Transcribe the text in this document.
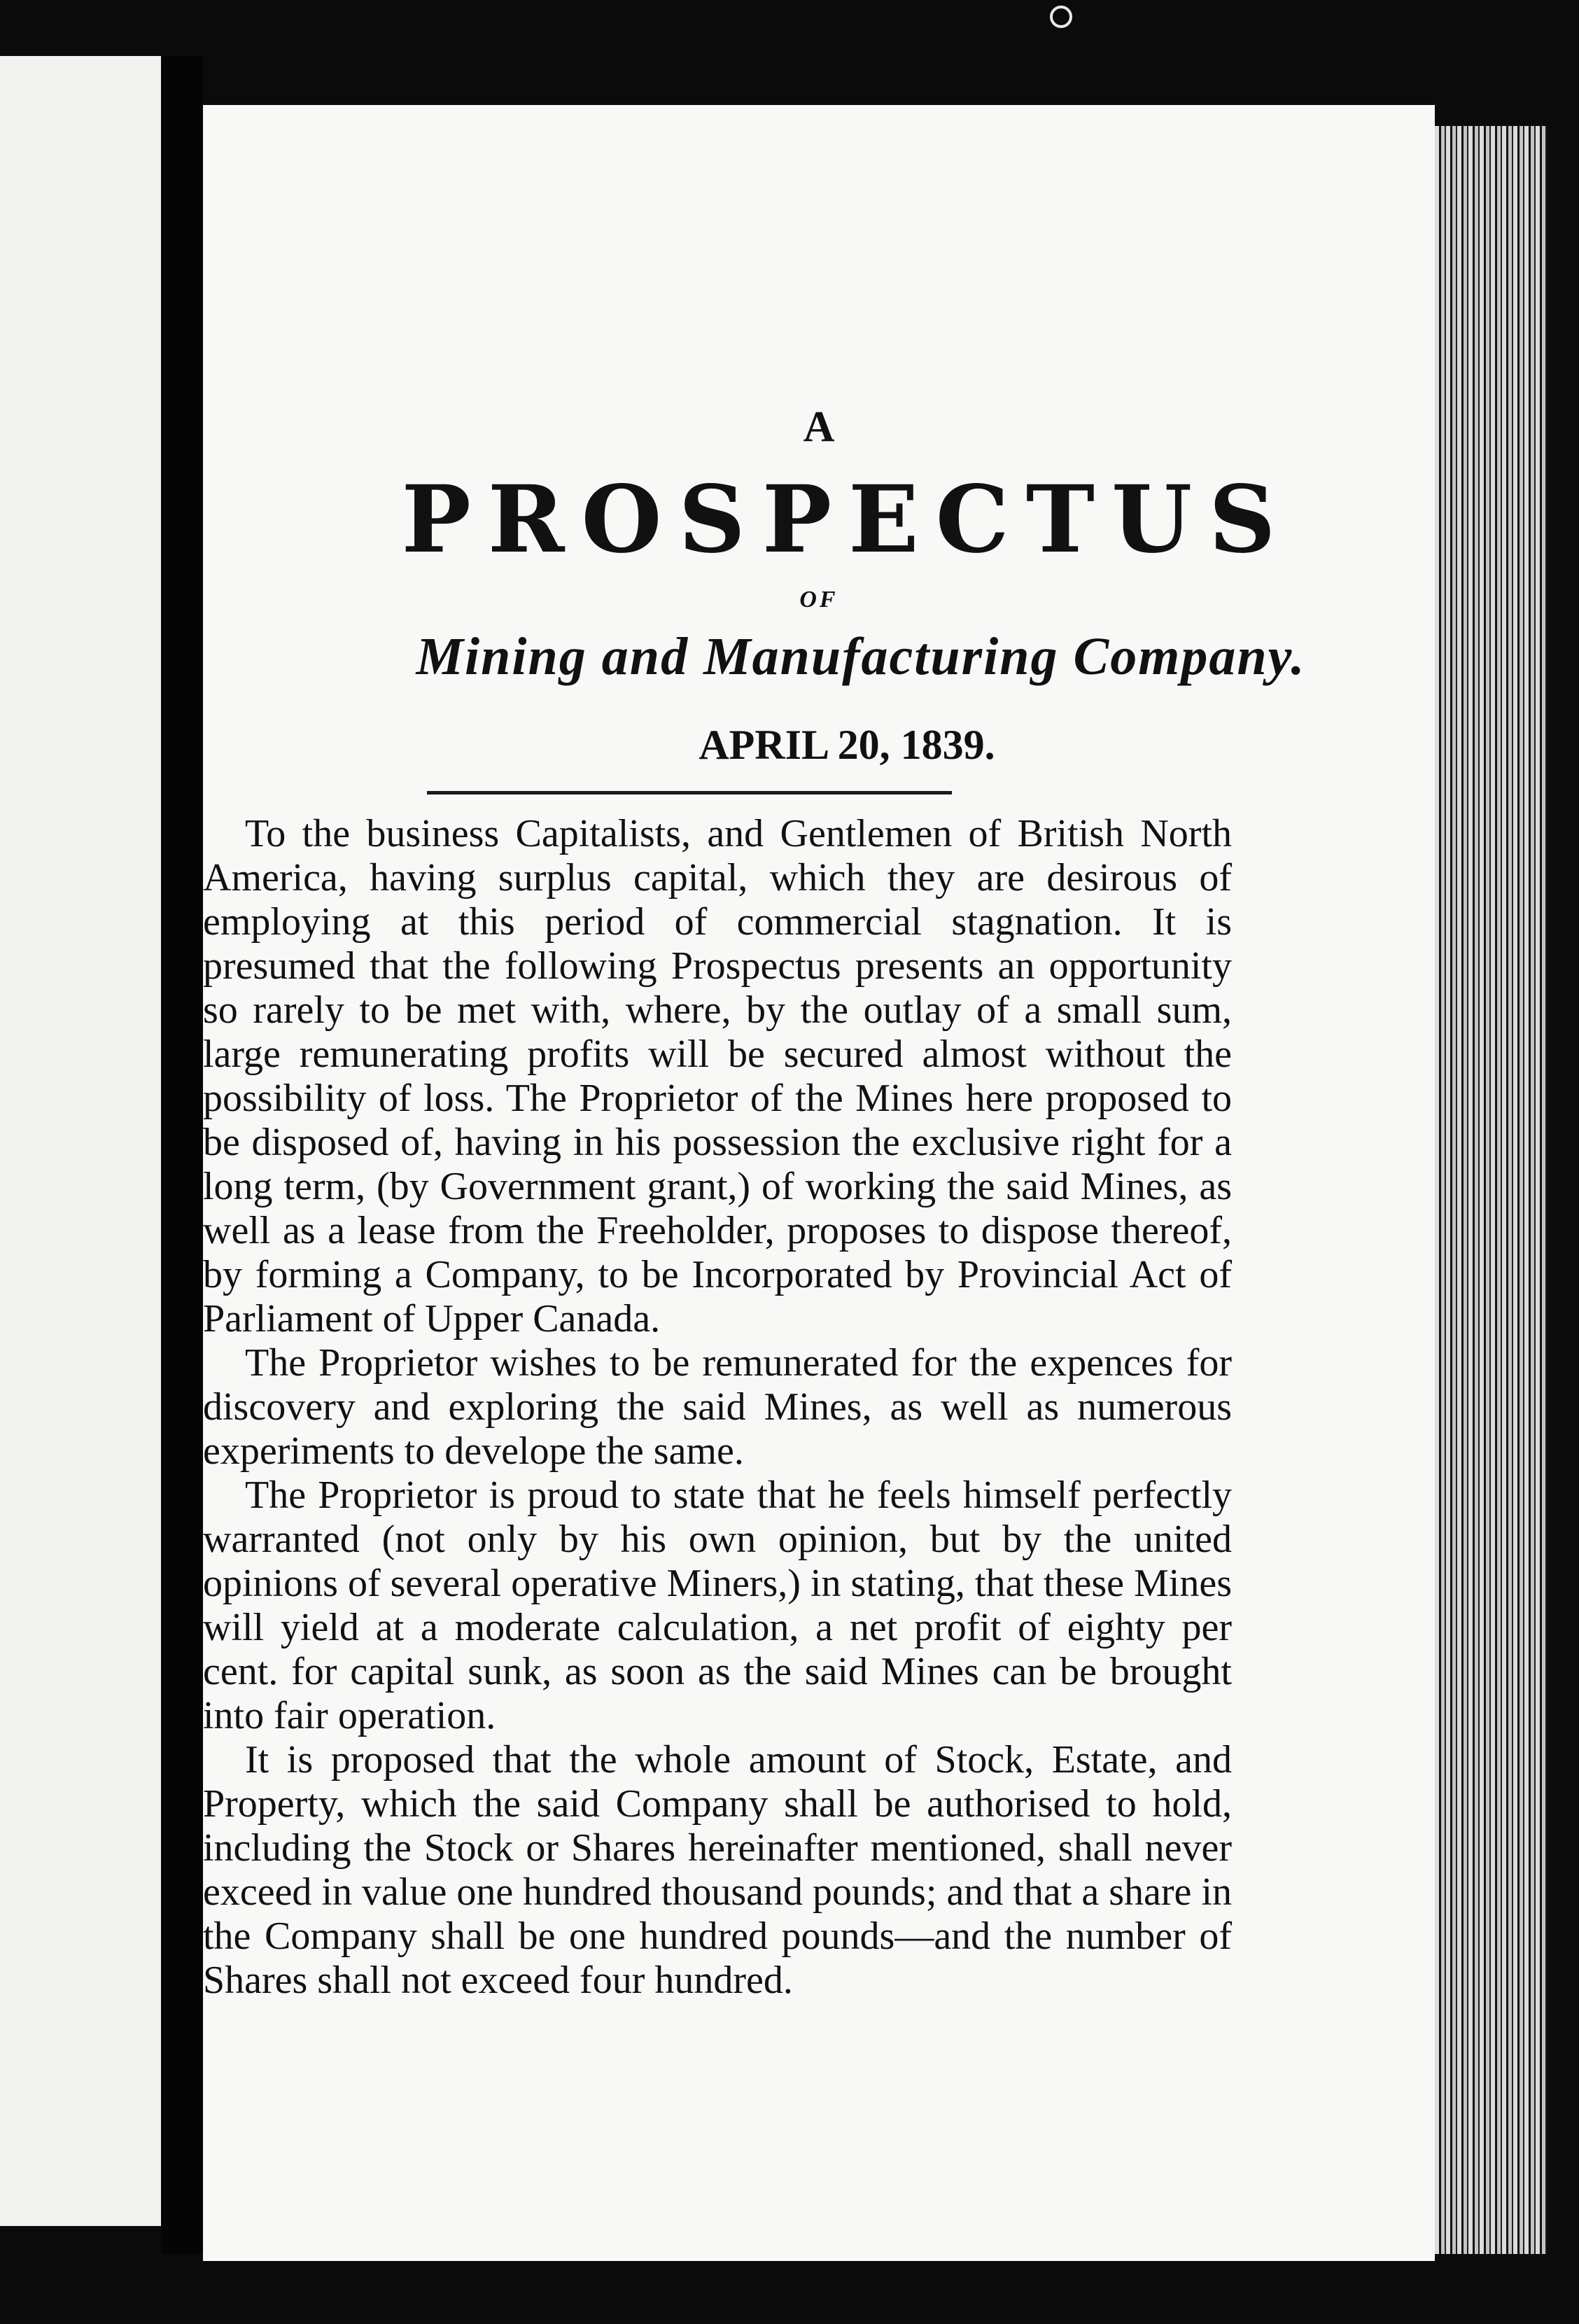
A
PROSPECTUS
OF
Mining and Manufacturing Company.
APRIL 20, 1839.

To the business Capitalists, and Gentlemen of British North America, having surplus capital, which they are desirous of employing at this period of commercial stagnation. It is presumed that the following Prospectus presents an opportunity so rarely to be met with, where, by the outlay of a small sum, large remunerating profits will be secured almost without the possibility of loss. The Proprietor of the Mines here proposed to be disposed of, having in his possession the exclusive right for a long term, (by Government grant,) of working the said Mines, as well as a lease from the Freeholder, proposes to dispose thereof, by forming a Company, to be Incorporated by Provincial Act of Parliament of Upper Canada.

The Proprietor wishes to be remunerated for the expences for discovery and exploring the said Mines, as well as numerous experiments to develope the same.

The Proprietor is proud to state that he feels himself perfectly warranted (not only by his own opinion, but by the united opinions of several operative Miners,) in stating, that these Mines will yield at a moderate calculation, a net profit of eighty per cent. for capital sunk, as soon as the said Mines can be brought into fair operation.

It is proposed that the whole amount of Stock, Estate, and Property, which the said Company shall be authorised to hold, including the Stock or Shares hereinafter mentioned, shall never exceed in value one hundred thousand pounds; and that a share in the Company shall be one hundred pounds—and the number of Shares shall not exceed four hundred.
